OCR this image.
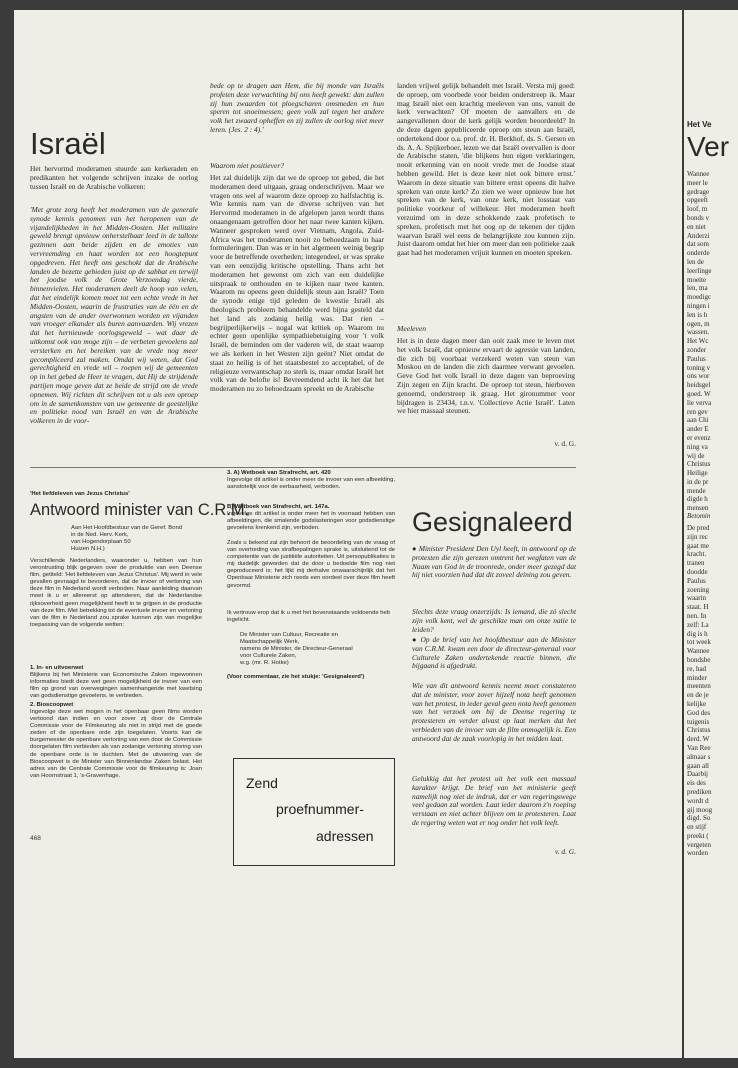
Israël
Het hervormd moderamen stuurde aan kerkeraden en predikanten het volgende schrijven inzake de oorlog tussen Israël en de Arabische volkeren:
'Met grote zorg heeft het moderamen van de generale synode kennis genomen van het heropenen van de vijandelijkheden in het Midden-Oosten. Het militaire geweld brengt opnieuw onherstelbaar leed in de talloze gezinnen aan beide zijden en de emoties van vervreemding en haat worden tot een hoogtepunt opgedreven. Het heeft ons geschokt dat de Arabische landen de bezette gebieden juist op de sabbat en terwijl het joodse volk de Grote Verzoendag vierde, binnenvielen. Het moderamen deelt de hoop van velen, dat het eindelijk komen moet tot een echte vrede in het Midden-Oosten, waarin de frustraties van de één en de angsten van de ander overwonnen worden en vijanden van vroeger elkander als buren aanvaarden. Wij vrezen dat het hernieuwde oorlogsgeweld – wat daar de uitkomst ook van moge zijn – de verbeten gevoelens zal versterken en het bereiken van de vrede nog meer gecompliceerd zal maken. Omdat wij weten, dat God gerechtigheid en vrede wil – roepen wij de gemeenten op in het gebed de Heer te vragen, dat Hij de strijdende partijen moge geven dat ze beide de strijd om de vrede opnemen. Wij richten dit schrijven tot u als een oproep om in de samenkomsten van uw gemeente de geestelijke en politieke nood van Israël en van de Arabische volkeren in de voor-
bede op te dragen aan Hem, die bij monde van Israëls profeten deze verwachting bij ons heeft gewekt: dan zullen zij hun zwaarden tot ploegscharen omsmeden en hun speren tot snoeimessen; geen volk zal tegen het andere volk het zwaard opheffen en zij zullen de oorlog niet meer leren. (Jes. 2 : 4).'
Waarom niet positiever?
Het zal duidelijk zijn dat we de oproep tot gebed, die het moderamen deed uitgaan, graag onderschrijven. Maar we vragen ons wel af waarom deze oproep zo halfslachtig is. Wie kennis nam van de diverse schrijven van het Hervormd moderamen in de afgelopen jaren wordt thans onaangenaam getroffen door het naar twee kanten kijken. Wanneer gesproken werd over Vietnam, Angola, Zuid-Africa was het moderamen nooit zo behoedzaam in haar formuleringen. Dan was er in het algemeen weinig begrip voor de betreffende overheden; integendeel, er was sprake van een eenzijdig kritische opstelling. Thans acht het moderamen het gewenst om zich van een duidelijke uitspraak te onthouden en te kijken naar twee kanten. Waarom nu opeens geen duidelijk steun aan Israël? Toen de synode enige tijd geleden de kwestie Israël als theologisch probleem behandelde werd bijna gesteld dat het land als zodanig heilig was. Dat rien – begrijperlijkerwijs – nogal wat kritiek op. Waarom nu echter geen openlijke sympathiebetuiging voor 't volk Israël, de beminden om der vaderen wil, de staat waarop we als kerken in het Westen zijn geënt? Niet omdat de staat zo heilig is of het staatsbestel zo acceptabel, of de religieuze verwantschap zo sterk is, maar omdat Israël het volk van de belofte is! Bevreemdend acht ik het dat het moderamen nu zo behoedzaam spreekt en de Arabische
landen vrijwel gelijk behandelt met Israël. Versta mij goed: de oproep, om voorbede voor beiden onderstreep ik. Maar mag Israël niet een krachtig meeleven van ons, vanuit de kerk verwachten? Of moeten de aanvallers en de aangevallenen door de kerk gelijk worden beoordeeld? In de deze dagen gepubliceerde oproep om steun aan Israël, ondertekend door o.a. prof. dr. H. Berkhof, ds. S. Gersen en ds. A. A. Spijkerboer, lezen we dat Israël overvallen is door de Arabische staten, 'die blijkens hun eigen verklaringen, nooit erkenning van en nooit vrede met de Joodse staat hebben gewild. Het is deze keer niet ook bittere ernst.' Waarom in deze situatie van bittere ernst opeens dit halve spreken van onze kerk? Zo zien we weer opnieuw hoe het spreken van de kerk, van onze kerk, niet losstaat van politieke voorkeur of willekeur. Het moderamen heeft verzuimd om in deze schokkende zaak profetisch te spreken, profetisch met het oog op de tekenen der tijden waarvan Israël wel eens de belangrijkste zou kunnen zijn. Juist daarom omdat het hier om meer dan een politieke zaak gaat had het moderamen vrijuit kunnen en moeten spreken.
Meeleven
Het is in deze dagen meer dan ooit zaak mee te leven met het volk Israël, dat opnieuw ervaart de agressie van landen, die zich bij voorbaat verzekerd weten van steun van Moskou en de landen die zich daarmee verwant gevoelen. Geve God het volk Israël in deze dagen van beproeving Zijn zegen en Zijn kracht. De oproep tot steun, hierboven genoemd, onderstreep ik graag. Het gironummer voor bijdragen is 23434, t.n.v. 'Collectieve Actie Israël'. Laten we hier massaal steunen.
v. d. G.
'Het liefdeleven van Jezus Christus'
Antwoord minister van C.R.M.
Aan Het Hoofdbestuur van de Geref. Bond
in de Ned. Herv. Kerk,
van Hogendorplaan 50
Huizen N.H.)
Verschillende Nederlanders, waaronder u, hebben van hun verontrusting blijk gegeven over de produktie van een Deense film, getiteld: 'Het liefdeleven van Jezus Christus'. Mij werd in vele gevallen gevraagd te bevorderen, dat de invoer of vertoning van deze film in Nederland wordt verboden. Naar aanleiding daarvan moet ik u er allereerst op attenderen, dat de Nederlandse rijksoverheid geen mogelijkheid heeft in te grijpen in de productie van deze film. Met betrekking tot de eventuele invoer en vertoning van de film in Nederland zou sprake kunnen zijn van mogelijke toepassing van de volgende wetten:
1. In- en uitvoerwet
Blijkens bij het Ministerie van Economische Zaken ingewonnen informaties biedt deze wet geen mogelijkheid de invoer van een film op grond van overwegingen samenhangende met kwetsing van godsdienstige gevoelens, te verbieden.
2. Bioscoopwet
Ingevolge deze wet mogen in het openbaar geen films worden vertoond dan indien en voor zover zij door de Centrale Commissie voor de Filmkeuring als niet in strijd met de goede zeden of de openbare orde zijn toegelaten. Voorts kan de burgemeester de openbare vertoning van een door de Commissie doorgelaten film verbieden als van zodanige vertoning storing van de openbare orde is te duchten. Met de uitvoering van de Bioscoopwet is de Minister van Binnenlandse Zaken belast. Het adres van de Centrale Commissie voor de filmkeuring is: Joan van Hoornstraat 1, 's-Gravenhage.
468
3. A) Wetboek van Strafrecht, art. 420
Ingevolge dit artikel is onder meer de invoer van een afbeelding, aanstotelijk voor de eerbaarheid, verboden.
B) Wetboek van Strafrecht, art. 147a.
Ingevolge dit artikel is onder meer het in voorraad hebben van afbeeldingen, die smalende godslasteringen voor godsdienstige gevoelens krenkend zijn, verboden.
Zoals u bekend zal zijn behoort de beoordeling van de vraag of van overtreding van strafbepalingen sprake is, uitsluitend tot de competentie van de justitiële autoriteiten. Uit persopublikaties is mij duidelijk geworden dat de door u bedoelde film nog niet geproduceerd is; het lijkt mij derhalve onwaarschijnlijk dat het Openbaar Ministerie zich reeds een oordeel over deze film heeft gevormd.
Ik vertrouw erop dat ik u met het bovenstaande voldoende heb ingelicht.
De Minister van Cultuur, Recreatie en
Maatschappelijk Werk,
namens de Minister, de Directeur-Generaal
voor Culturele Zaken,
w.g. (mr. R. Hotke)
(Voor commentaar, zie het stukje: 'Gesignaleerd')
Zend
proefnummer-
adressen
Gesignaleerd
● Minister President Den Uyl heeft, in antwoord op de protesten die zijn gerezen omtrent het wegfaten van de Naam van God in de troonrede, onder meer gezegd dat hij niet voorzien had dat dit zoveel deining zou geven.
Slechts deze vraag onzerzijds: Is iemand, die zó slecht zijn volk kent, wel de geschikte man om onze natie te leiden?
● Op de brief van het hoofdbestuur aan de Minister van C.R.M. kwam een door de directeur-generaal voor Culturele Zaken ondertekende reactie binnen, die bijgaand is afgedrukt.
Wie van dit antwoord kennis neemt moet constateren dat de minister, voor zover hijzelf nota heeft genomen van het protest, in ieder geval geen nota heeft genomen van het verzoek om bij de Deense regering te protesteren en verder alvast op laat merken dat het verbieden van de invoer van de film onmogelijk is. Een antwoord dat de zaak voorlopig in het midden laat.
Gelukkig dat het protest uit het volk een massaal karakter krijgt. De brief van het ministerie geeft namelijk nog niet de indruk, dat er van regeringswege veel gedaan zal worden. Laat ieder daarom z'n roeping verstaan en niet achter blijven om te protesteren. Laat de regering weten wat er nog onder het volk leeft.
v. d. G.
Het Ve
Ver
Wannee
meer le
gedrage
opgeeft
loof, m
bonds v
en niet
Anderzi
dat som
onderde
len de
leerlinge
moeite
len, ma
moedigc
ningen i
len is h
ogen, m
wassen.
Het Wc
zonder
Paulus
toning v
ons wor
heidsgel
goed. W
lie verva
ren gev
aan Chi
ander E
er evenz
ning va
wij de
Christus
Heilige
in de pr
mende
digde h
mensen
Betomin
De pred
zijn rec
gaat me
kracht.
tranen
doodde
Paulus
zoening
waarin
staat. H
nen. In
zelf: La
dig is h
tot week
Wannee
bondsbe
re, had
minder
meenten
en de je
kelijke
God des
tuigenis
Christus
derd. W
Van Ree
almaar s
gaan all
Daarbij
eis des
prediken
wordt d
gij moog
digd. So
en stijf
preekt (
vergeten
worden
